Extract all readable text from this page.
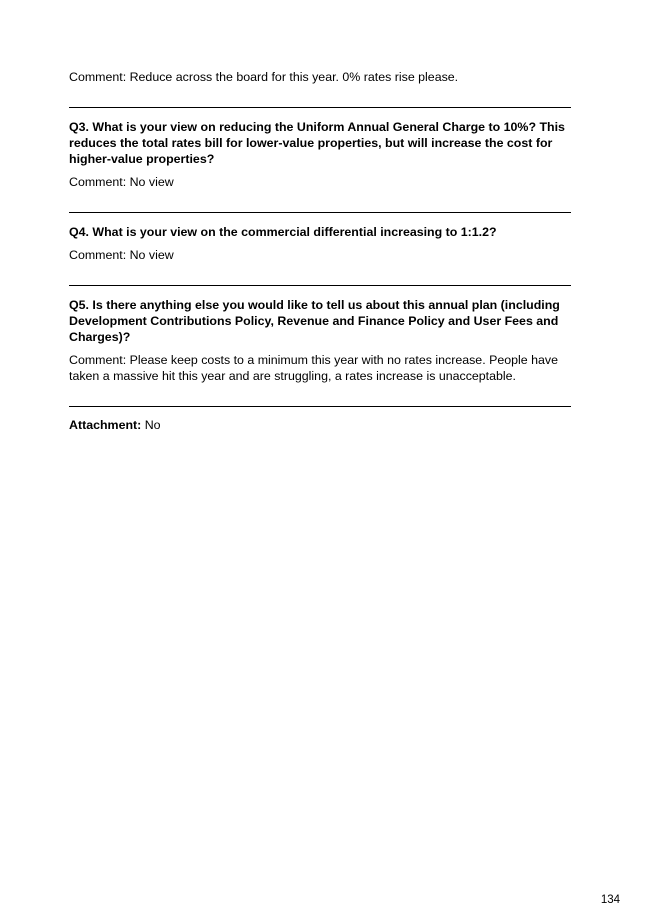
Comment: Reduce across the board for this year. 0% rates rise please.

Q3. What is your view on reducing the Uniform Annual General Charge to 10%? This reduces the total rates bill for lower-value properties, but will increase the cost for higher-value properties?

Comment: No view

Q4. What is your view on the commercial differential increasing to 1:1.2?

Comment: No view

Q5. Is there anything else you would like to tell us about this annual plan (including Development Contributions Policy, Revenue and Finance Policy and User Fees and Charges)?

Comment: Please keep costs to a minimum this year with no rates increase. People have taken a massive hit this year and are struggling, a rates increase is unacceptable.

Attachment: No

134
